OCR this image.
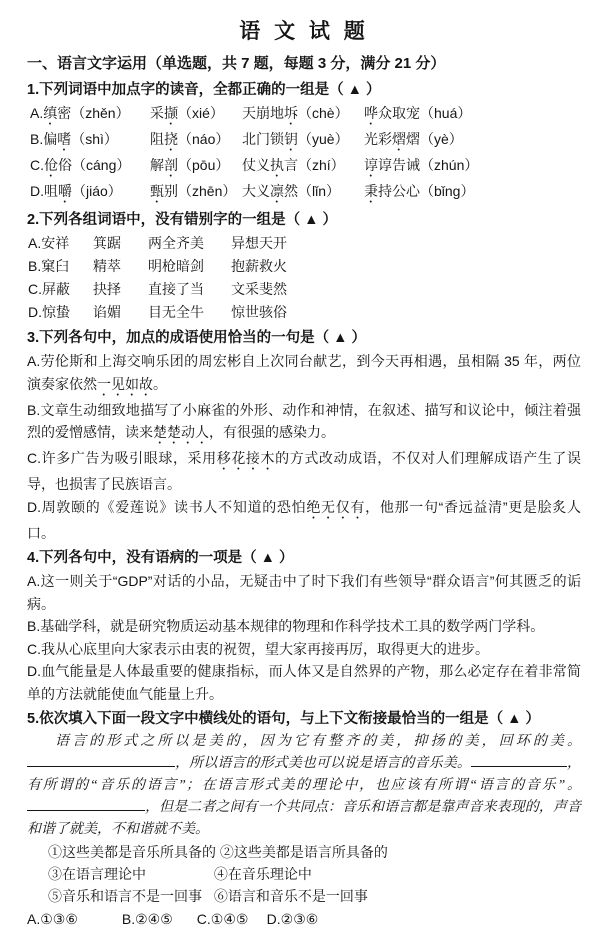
语 文 试 题
一、语言文字运用（单选题，共 7 题，每题 3 分，满分 21 分）
1.下列词语中加点字的读音，全都正确的一组是（ ▲ ）
A.缜密（zhěn）	采撷（xié）	天崩地坼（chè）	哗众取宠（huá）
B.偏嗜（shì）	阻挠（náo） 北门锁钥（yuè）	光彩熠熠（yè）
C.伧俗（cáng）	解剖（pōu） 仗义执言（zhí）	谆谆告诫（zhún）
D.咀嚼（jiáo）	甄别（zhēn） 大义凛然（lǐn）	秉持公心（bǐng）
2.下列各组词语中，没有错别字的一组是（ ▲ ）
A.安祥	箕踞	两全齐美	异想天开
B.窠臼	精萃	明枪暗剑	抱薪救火
C.屏蔽	抉择	直接了当	文采斐然
D.惊蛰	谄媚	目无全牛	惊世骇俗
3.下列各句中，加点的成语使用恰当的一句是（ ▲ ）

A.劳伦斯和上海交响乐团的周宏彬自上次同台献艺，到今天再相遇，虽相隔 35 年，两位演奏家依然一见如故。

B.文章生动细致地描写了小麻雀的外形、动作和神情，在叙述、描写和议论中，倾注着强烈的爱憎感情，读来楚楚动人，有很强的感染力。

C.许多广告为吸引眼球，采用移花接木的方式改动成语，不仅对人们理解成语产生了误导，也损害了民族语言。

D.周敦颐的《爱莲说》读书人不知道的恐怕绝无仅有，他那一句“香远益清”更是脍炙人口。

4.下列各句中，没有语病的一项是（ ▲ ）

A.这一则关于“GDP”对话的小品，无疑击中了时下我们有些领导“群众语言”何其匮乏的诟病。

B.基础学科，就是研究物质运动基本规律的物理和作科学技术工具的数学两门学科。

C.我从心底里向大家表示由衷的祝贺，望大家再接再厉，取得更大的进步。

D.血气能量是人体最重要的健康指标，而人体又是自然界的产物，那么必定存在着非常简单的方法就能使血气能量上升。

5.依次填入下面一段文字中横线处的语句，与上下文衔接最恰当的一组是（ ▲ ）

语言的形式之所以是美的，因为它有整齐的美，抑扬的美，回环的美。，所以语言的形式美也可以说是语言的音乐美。	，有所谓的“音乐的语言”；在语言形式美的理论中，也应该有所谓“语言的音乐”。，但是二者之间有一个共同点：音乐和语言都是靠声音来表现的，声音和谐了就美，不和谐就不美。

①这些美都是音乐所具备的 ②这些美都是语言所具备的
③在语言理论中	④在音乐理论中
⑤音乐和语言不是一回事 ⑥语言和音乐不是一回事
A.①③⑥	B.②④⑤ C.①④⑤ D.②③⑥
